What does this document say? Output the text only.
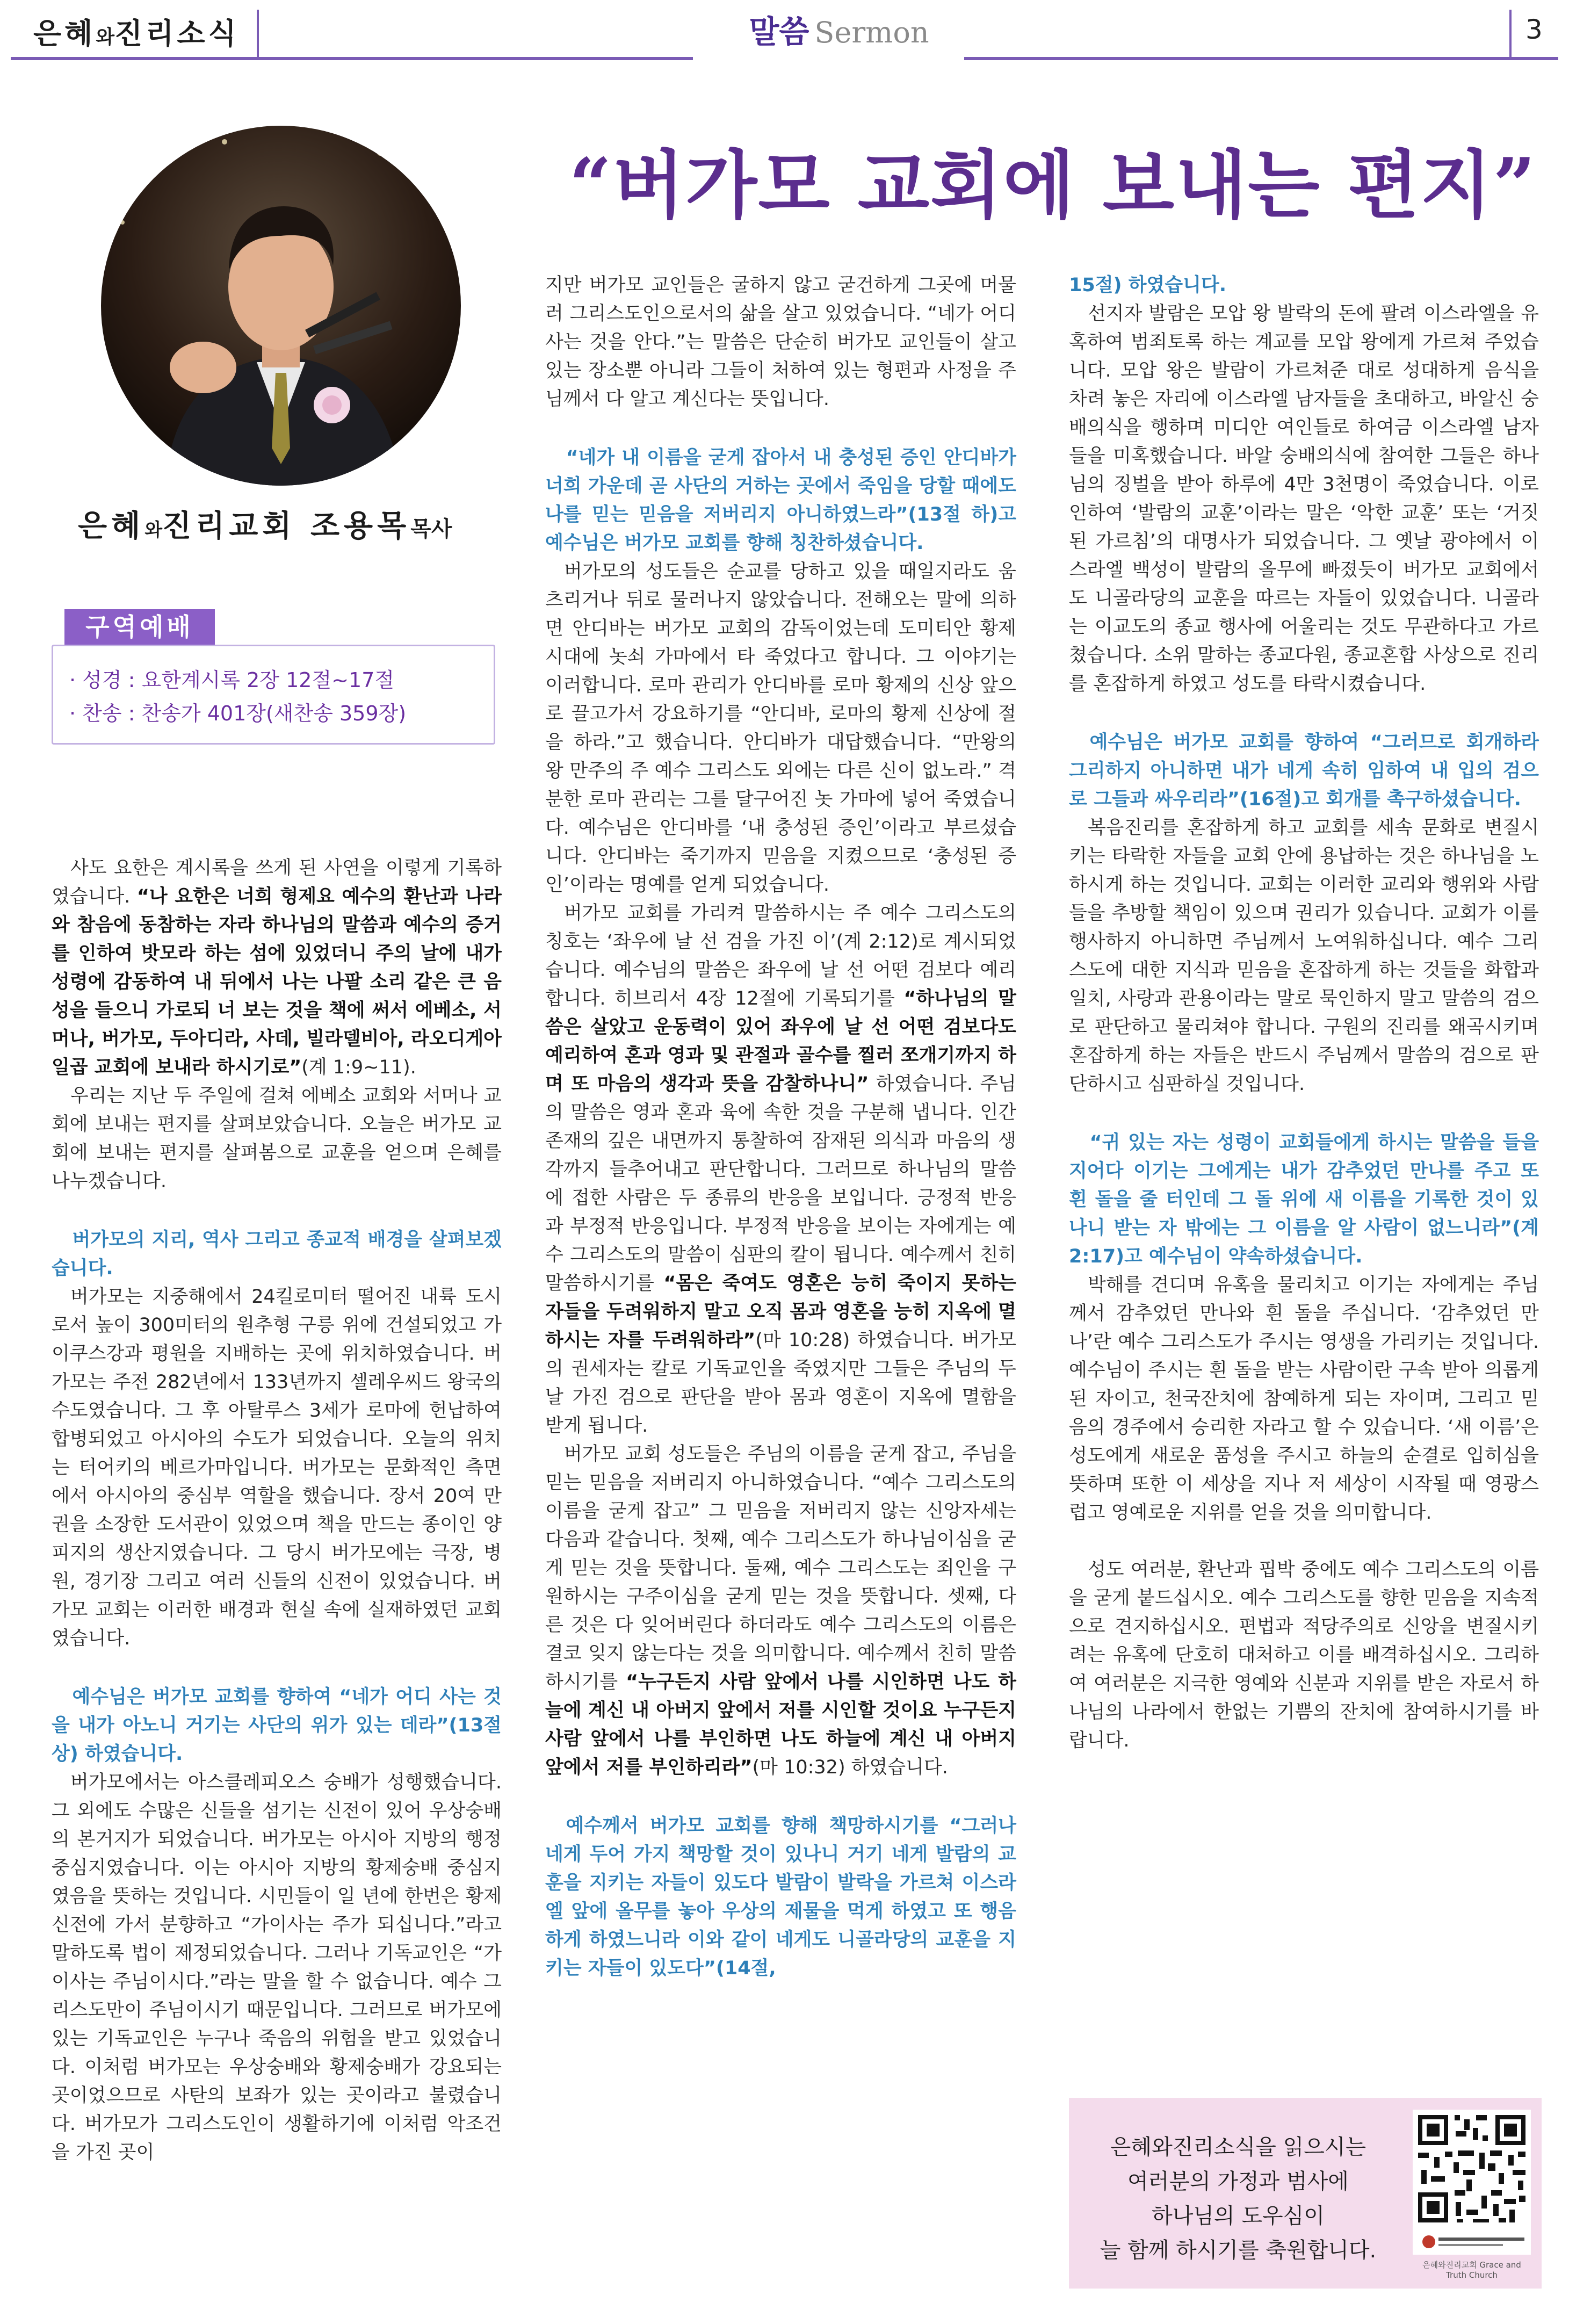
은혜와진리소식	말씀 Sermon	3
“버가모 교회에 보내는 편지”
은혜와진리교회 조용목목사
구역예배
· 성경 : 요한계시록 2장 12절~17절
· 찬송 : 찬송가 401장(새찬송 359장)

사도 요한은 계시록을 쓰게 된 사연을 이렇게 기록하였습니다. “나 요한은 너희 형제요 예수의 환난과 나라와 참음에 동참하는 자라 하나님의 말씀과 예수의 증거를 인하여 밧모라 하는 섬에 있었더니 주의 날에 내가 성령에 감동하여 내 뒤에서 나는 나팔 소리 같은 큰 음성을 들으니 가로되 너 보는 것을 책에 써서 에베소, 서머나, 버가모, 두아디라, 사데, 빌라델비아, 라오디게아 일곱 교회에 보내라 하시기로”(계 1:9~11).

우리는 지난 두 주일에 걸쳐 에베소 교회와 서머나 교회에 보내는 편지를 살펴보았습니다. 오늘은 버가모 교회에 보내는 편지를 살펴봄으로 교훈을 얻으며 은혜를 나누겠습니다.

버가모의 지리, 역사 그리고 종교적 배경을 살펴보겠습니다.

버가모는 지중해에서 24킬로미터 떨어진 내륙 도시로서 높이 300미터의 원추형 구릉 위에 건설되었고 가이쿠스강과 평원을 지배하는 곳에 위치하였습니다. 버가모는 주전 282년에서 133년까지 셀레우씨드 왕국의 수도였습니다. 그 후 아탈루스 3세가 로마에 헌납하여 합병되었고 아시아의 수도가 되었습니다. 오늘의 위치는 터어키의 베르가마입니다. 버가모는 문화적인 측면에서 아시아의 중심부 역할을 했습니다. 장서 20여 만 권을 소장한 도서관이 있었으며 책을 만드는 종이인 양피지의 생산지였습니다. 그 당시 버가모에는 극장, 병원, 경기장 그리고 여러 신들의 신전이 있었습니다. 버가모 교회는 이러한 배경과 현실 속에 실재하였던 교회였습니다.

예수님은 버가모 교회를 향하여 “네가 어디 사는 것을 내가 아노니 거기는 사단의 위가 있는 데라”(13절 상) 하였습니다.

버가모에서는 아스클레피오스 숭배가 성행했습니다. 그 외에도 수많은 신들을 섬기는 신전이 있어 우상숭배의 본거지가 되었습니다. 버가모는 아시아 지방의 행정 중심지였습니다. 이는 아시아 지방의 황제숭배 중심지였음을 뜻하는 것입니다. 시민들이 일 년에 한번은 황제 신전에 가서 분향하고 “가이사는 주가 되십니다.”라고 말하도록 법이 제정되었습니다. 그러나 기독교인은 “가이사는 주님이시다.”라는 말을 할 수 없습니다. 예수 그리스도만이 주님이시기 때문입니다. 그러므로 버가모에 있는 기독교인은 누구나 죽음의 위험을 받고 있었습니다. 이처럼 버가모는 우상숭배와 황제숭배가 강요되는 곳이었으므로 사탄의 보좌가 있는 곳이라고 불렸습니다. 버가모가 그리스도인이 생활하기에 이처럼 악조건을 가진 곳이

지만 버가모 교인들은 굴하지 않고 굳건하게 그곳에 머물러 그리스도인으로서의 삶을 살고 있었습니다. “네가 어디 사는 것을 안다.”는 말씀은 단순히 버가모 교인들이 살고 있는 장소뿐 아니라 그들이 처하여 있는 형편과 사정을 주님께서 다 알고 계신다는 뜻입니다.

“네가 내 이름을 굳게 잡아서 내 충성된 증인 안디바가 너희 가운데 곧 사단의 거하는 곳에서 죽임을 당할 때에도 나를 믿는 믿음을 저버리지 아니하였느라”(13절 하)고 예수님은 버가모 교회를 향해 칭찬하셨습니다.

버가모의 성도들은 순교를 당하고 있을 때일지라도 움츠리거나 뒤로 물러나지 않았습니다. 전해오는 말에 의하면 안디바는 버가모 교회의 감독이었는데 도미티안 황제 시대에 놋쇠 가마에서 타 죽었다고 합니다. 그 이야기는 이러합니다. 로마 관리가 안디바를 로마 황제의 신상 앞으로 끌고가서 강요하기를 “안디바, 로마의 황제 신상에 절을 하라.”고 했습니다. 안디바가 대답했습니다. “만왕의 왕 만주의 주 예수 그리스도 외에는 다른 신이 없노라.” 격분한 로마 관리는 그를 달구어진 놋 가마에 넣어 죽였습니다. 예수님은 안디바를 ‘내 충성된 증인’이라고 부르셨습니다. 안디바는 죽기까지 믿음을 지켰으므로 ‘충성된 증인’이라는 명예를 얻게 되었습니다.

버가모 교회를 가리켜 말씀하시는 주 예수 그리스도의 칭호는 ‘좌우에 날 선 검을 가진 이’(계 2:12)로 계시되었습니다. 예수님의 말씀은 좌우에 날 선 어떤 검보다 예리합니다. 히브리서 4장 12절에 기록되기를 “하나님의 말씀은 살았고 운동력이 있어 좌우에 날 선 어떤 검보다도 예리하여 혼과 영과 및 관절과 골수를 찔러 쪼개기까지 하며 또 마음의 생각과 뜻을 감찰하나니” 하였습니다. 주님의 말씀은 영과 혼과 육에 속한 것을 구분해 냅니다. 인간존재의 깊은 내면까지 통찰하여 잠재된 의식과 마음의 생각까지 들추어내고 판단합니다. 그러므로 하나님의 말씀에 접한 사람은 두 종류의 반응을 보입니다. 긍정적 반응과 부정적 반응입니다. 부정적 반응을 보이는 자에게는 예수 그리스도의 말씀이 심판의 칼이 됩니다. 예수께서 친히 말씀하시기를 “몸은 죽여도 영혼은 능히 죽이지 못하는 자들을 두려워하지 말고 오직 몸과 영혼을 능히 지옥에 멸하시는 자를 두려워하라”(마 10:28) 하였습니다. 버가모의 권세자는 칼로 기독교인을 죽였지만 그들은 주님의 두 날 가진 검으로 판단을 받아 몸과 영혼이 지옥에 멸함을 받게 됩니다.

버가모 교회 성도들은 주님의 이름을 굳게 잡고, 주님을 믿는 믿음을 저버리지 아니하였습니다. “예수 그리스도의 이름을 굳게 잡고” 그 믿음을 저버리지 않는 신앙자세는 다음과 같습니다. 첫째, 예수 그리스도가 하나님이심을 굳게 믿는 것을 뜻합니다. 둘째, 예수 그리스도는 죄인을 구원하시는 구주이심을 굳게 믿는 것을 뜻합니다. 셋째, 다른 것은 다 잊어버린다 하더라도 예수 그리스도의 이름은 결코 잊지 않는다는 것을 의미합니다. 예수께서 친히 말씀하시기를 “누구든지 사람 앞에서 나를 시인하면 나도 하늘에 계신 내 아버지 앞에서 저를 시인할 것이요 누구든지 사람 앞에서 나를 부인하면 나도 하늘에 계신 내 아버지 앞에서 저를 부인하리라”(마 10:32) 하였습니다.

예수께서 버가모 교회를 향해 책망하시기를 “그러나 네게 두어 가지 책망할 것이 있나니 거기 네게 발람의 교훈을 지키는 자들이 있도다 발람이 발락을 가르쳐 이스라엘 앞에 올무를 놓아 우상의 제물을 먹게 하였고 또 행음하게 하였느니라 이와 같이 네게도 니골라당의 교훈을 지키는 자들이 있도다”(14절,

15절) 하였습니다.

선지자 발람은 모압 왕 발락의 돈에 팔려 이스라엘을 유혹하여 범죄토록 하는 계교를 모압 왕에게 가르쳐 주었습니다. 모압 왕은 발람이 가르쳐준 대로 성대하게 음식을 차려 놓은 자리에 이스라엘 남자들을 초대하고, 바알신 숭배의식을 행하며 미디안 여인들로 하여금 이스라엘 남자들을 미혹했습니다. 바알 숭배의식에 참여한 그들은 하나님의 징벌을 받아 하루에 4만 3천명이 죽었습니다. 이로 인하여 ‘발람의 교훈’이라는 말은 ‘악한 교훈’ 또는 ‘거짓된 가르침’의 대명사가 되었습니다. 그 옛날 광야에서 이스라엘 백성이 발람의 올무에 빠졌듯이 버가모 교회에서도 니골라당의 교훈을 따르는 자들이 있었습니다. 니골라는 이교도의 종교 행사에 어울리는 것도 무관하다고 가르쳤습니다. 소위 말하는 종교다원, 종교혼합 사상으로 진리를 혼잡하게 하였고 성도를 타락시켰습니다.

예수님은 버가모 교회를 향하여 “그러므로 회개하라 그리하지 아니하면 내가 네게 속히 임하여 내 입의 검으로 그들과 싸우리라”(16절)고 회개를 촉구하셨습니다.

복음진리를 혼잡하게 하고 교회를 세속 문화로 변질시키는 타락한 자들을 교회 안에 용납하는 것은 하나님을 노하시게 하는 것입니다. 교회는 이러한 교리와 행위와 사람들을 추방할 책임이 있으며 권리가 있습니다. 교회가 이를 행사하지 아니하면 주님께서 노여워하십니다. 예수 그리스도에 대한 지식과 믿음을 혼잡하게 하는 것들을 화합과 일치, 사랑과 관용이라는 말로 묵인하지 말고 말씀의 검으로 판단하고 물리쳐야 합니다. 구원의 진리를 왜곡시키며 혼잡하게 하는 자들은 반드시 주님께서 말씀의 검으로 판단하시고 심판하실 것입니다.

“귀 있는 자는 성령이 교회들에게 하시는 말씀을 들을지어다 이기는 그에게는 내가 감추었던 만나를 주고 또 흰 돌을 줄 터인데 그 돌 위에 새 이름을 기록한 것이 있나니 받는 자 밖에는 그 이름을 알 사람이 없느니라”(계 2:17)고 예수님이 약속하셨습니다.

박해를 견디며 유혹을 물리치고 이기는 자에게는 주님께서 감추었던 만나와 흰 돌을 주십니다. ‘감추었던 만나’란 예수 그리스도가 주시는 영생을 가리키는 것입니다. 예수님이 주시는 흰 돌을 받는 사람이란 구속 받아 의롭게 된 자이고, 천국잔치에 참예하게 되는 자이며, 그리고 믿음의 경주에서 승리한 자라고 할 수 있습니다. ‘새 이름’은 성도에게 새로운 품성을 주시고 하늘의 순결로 입히심을 뜻하며 또한 이 세상을 지나 저 세상이 시작될 때 영광스럽고 영예로운 지위를 얻을 것을 의미합니다.

성도 여러분, 환난과 핍박 중에도 예수 그리스도의 이름을 굳게 붙드십시오. 예수 그리스도를 향한 믿음을 지속적으로 견지하십시오. 편법과 적당주의로 신앙을 변질시키려는 유혹에 단호히 대처하고 이를 배격하십시오. 그리하여 여러분은 지극한 영예와 신분과 지위를 받은 자로서 하나님의 나라에서 한없는 기쁨의 잔치에 참여하시기를 바랍니다.

은혜와진리소식을 읽으시는
여러분의 가정과 범사에
하나님의 도우심이
늘 함께 하시기를 축원합니다.
은혜와진리교회 Grace and Truth Church
